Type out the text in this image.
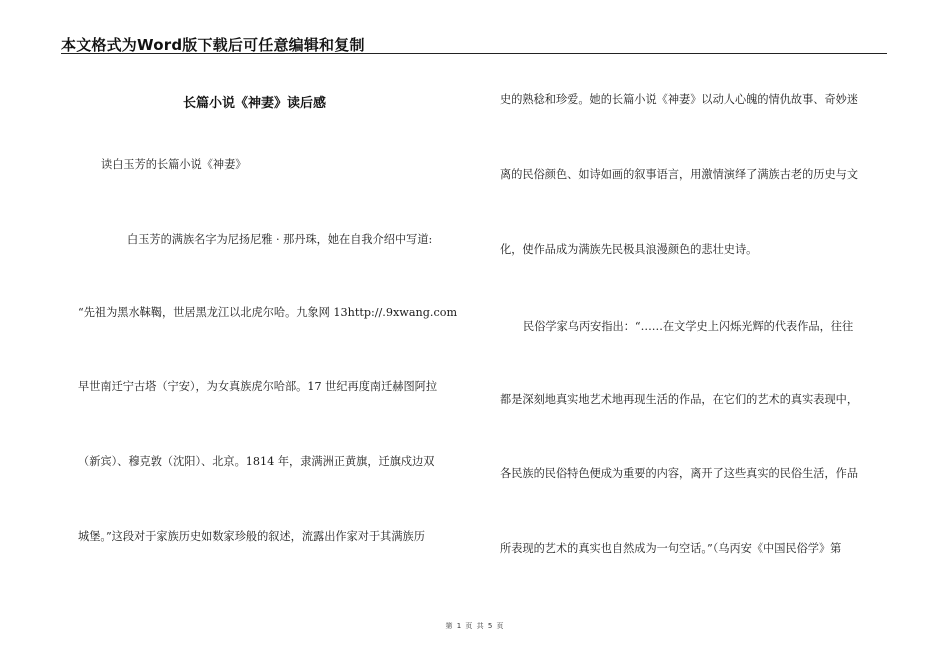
本文格式为Word版下载后可任意编辑和复制
长篇小说《神妻》读后感
读白玉芳的长篇小说《神妻》
白玉芳的满族名字为尼扬尼雅 · 那丹珠，她在自我介绍中写道:
“先祖为黑水靺鞨，世居黑龙江以北虎尔哈。九象网 13http://.9xwang.com
早世南迁宁古塔（宁安），为女真族虎尔哈部。17 世纪再度南迁赫图阿拉
（新宾）、穆克敦（沈阳）、北京。1814 年，隶满洲正黄旗，迁旗戍边双
城堡。”这段对于家族历史如数家珍般的叙述，流露出作家对于其满族历
史的熟稔和珍爱。她的长篇小说《神妻》以动人心魄的情仇故事、奇妙迷
离的民俗颜色、如诗如画的叙事语言，用激情演绎了满族古老的历史与文
化，使作品成为满族先民极具浪漫颜色的悲壮史诗。
民俗学家乌丙安指出：“……在文学史上闪烁光辉的代表作品，往往
都是深刻地真实地艺术地再现生活的作品，在它们的艺术的真实表现中，
各民族的民俗特色便成为重要的内容，离开了这些真实的民俗生活，作品
所表现的艺术的真实也自然成为一句空话。”（乌丙安《中国民俗学》第
第 1 页 共 5 页
